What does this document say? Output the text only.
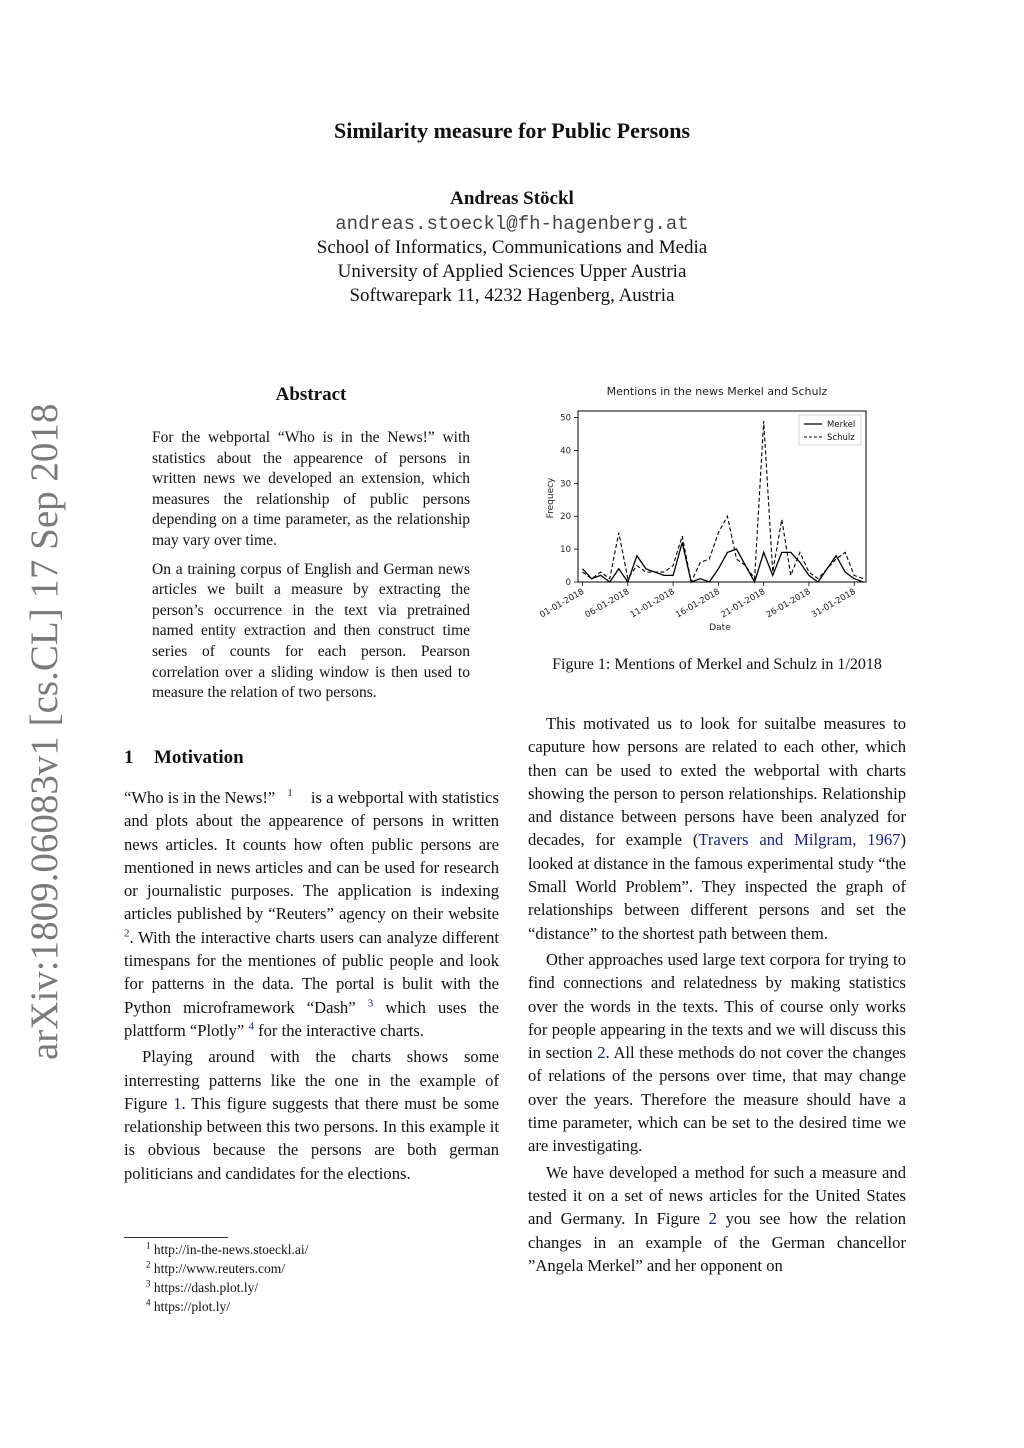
arXiv:1809.06083v1 [cs.CL] 17 Sep 2018
Similarity measure for Public Persons
Andreas Stöckl
andreas.stoeckl@fh-hagenberg.at
School of Informatics, Communications and Media
University of Applied Sciences Upper Austria
Softwarepark 11, 4232 Hagenberg, Austria
Abstract

For the webportal “Who is in the News!” with statistics about the appearence of persons in written news we developed an extension, which measures the relationship of public persons depending on a time parameter, as the relationship may vary over time.

On a training corpus of English and German news articles we built a measure by extracting the person’s occurrence in the text via pretrained named entity extraction and then construct time series of counts for each person. Pearson correlation over a sliding window is then used to measure the relation of two persons.

1 Motivation

“Who is in the News!” $^1$ is a webportal with statistics and plots about the appearence of persons in written news articles. It counts how often public persons are mentioned in news articles and can be used for research or journalistic purposes. The application is indexing articles published by “Reuters” agency on their website $^2$. With the interactive charts users can analyze different timespans for the mentiones of public people and look for patterns in the data. The portal is bulit with the Python microframework “Dash” $^3$ which uses the plattform “Plotly” $^4$ for the interactive charts.

Playing around with the charts shows some interresting patterns like the one in the example of Figure 1. This figure suggests that there must be some relationship between this two persons. In this example it is obvious because the persons are both german politicians and candidates for the elections.

$^1$ http://in-the-news.stoeckl.ai/
$^2$ http://www.reuters.com/
$^3$ https://dash.plot.ly/
$^4$ https://plot.ly/
Mentions in the news Merkel and Schulz
0
10
20
30
40
50
01-01-2018
06-01-2018
11-01-2018
16-01-2018
21-01-2018
26-01-2018
31-01-2018
Frequecy
Date
Merkel
Schulz
Figure 1: Mentions of Merkel and Schulz in 1/2018

This motivated us to look for suitalbe measures to caputure how persons are related to each other, which then can be used to exted the webportal with charts showing the person to person relationships. Relationship and distance between persons have been analyzed for decades, for example (Travers and Milgram, 1967) looked at distance in the famous experimental study “the Small World Problem”. They inspected the graph of relationships between different persons and set the “distance” to the shortest path between them.

Other approaches used large text corpora for trying to find connections and relatedness by making statistics over the words in the texts. This of course only works for people appearing in the texts and we will discuss this in section 2. All these methods do not cover the changes of relations of the persons over time, that may change over the years. Therefore the measure should have a time parameter, which can be set to the desired time we are investigating.

We have developed a method for such a measure and tested it on a set of news articles for the United States and Germany. In Figure 2 you see how the relation changes in an example of the German chancellor ”Angela Merkel” and her opponent on
